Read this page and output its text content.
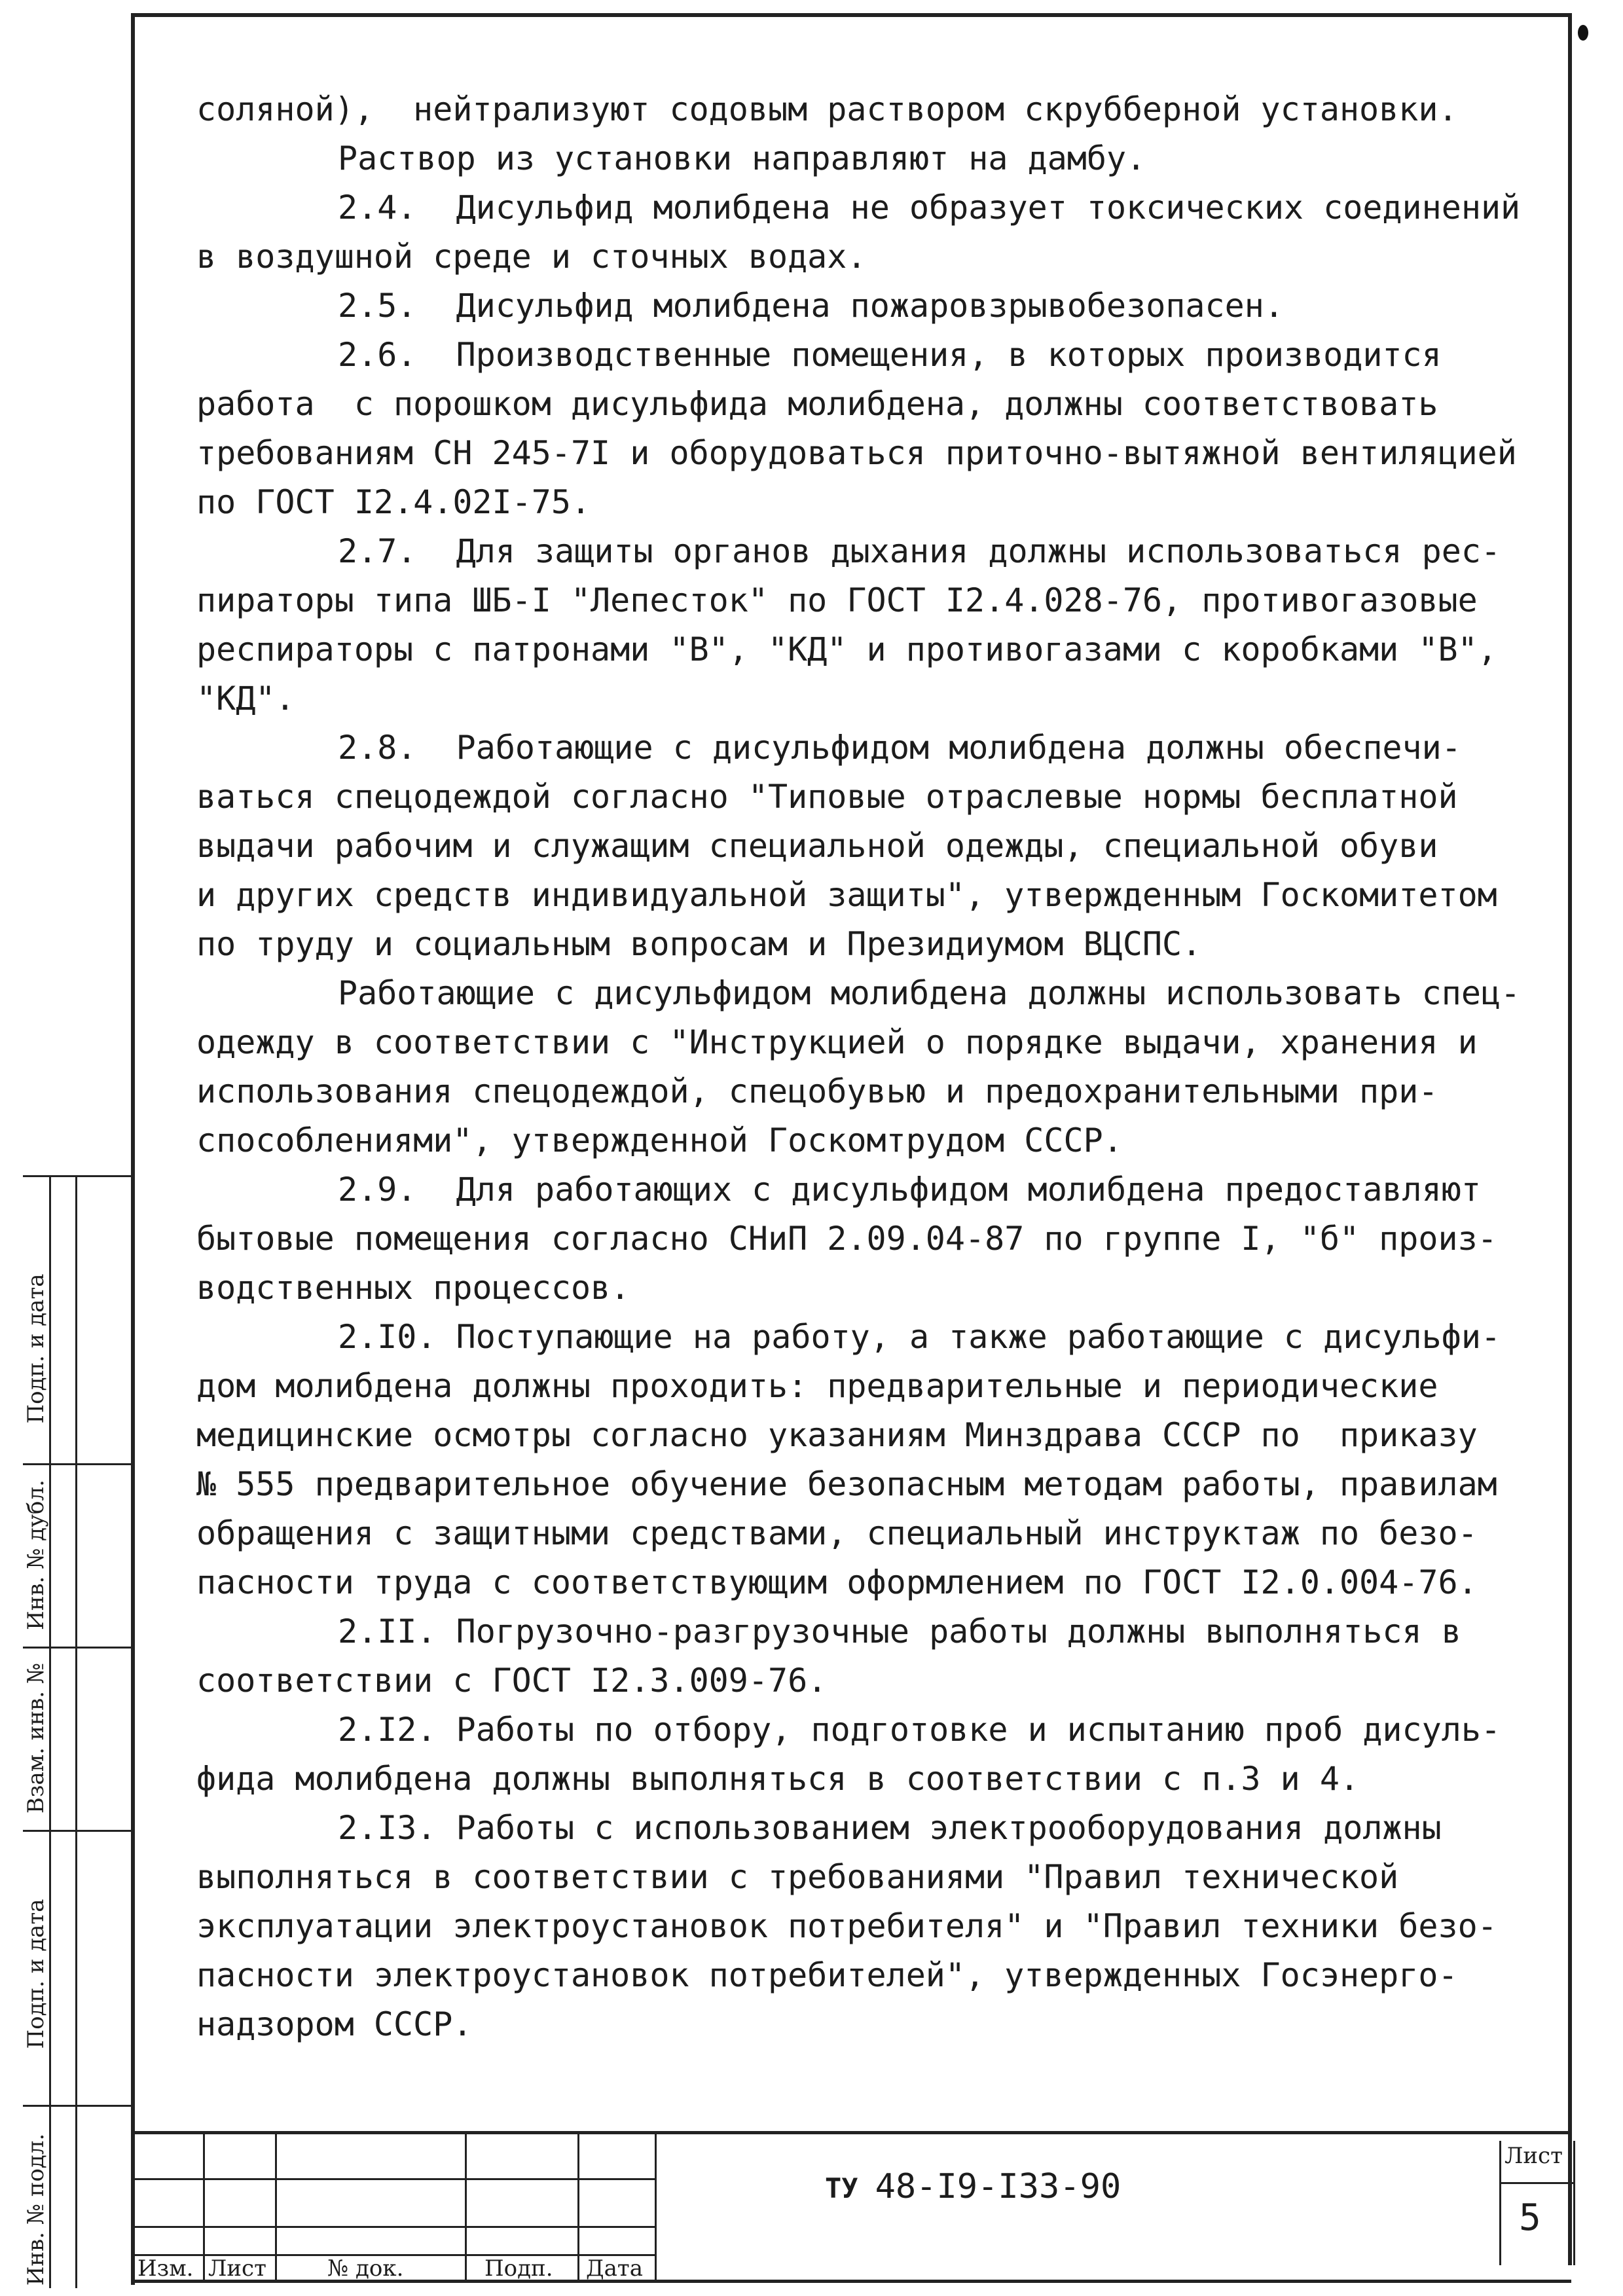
соляной),  нейтрализуют содовым раствором скрубберной установки.

Раствор из установки направляют на дамбу.

2.4.  Дисульфид молибдена не образует токсических соединений

в воздушной среде и сточных водах.

2.5.  Дисульфид молибдена пожаровзрывобезопасен.

2.6.  Производственные помещения, в которых производится

работа  с порошком дисульфида молибдена, должны соответствовать

требованиям СН 245-7I и оборудоваться приточно-вытяжной вентиляцией

по ГОСТ I2.4.02I-75.

2.7.  Для защиты органов дыхания должны использоваться рес-

пираторы типа ШБ-I "Лепесток" по ГОСТ I2.4.028-76, противогазовые

респираторы с патронами "В", "КД" и противогазами с коробками "В",

"КД".

2.8.  Работающие с дисульфидом молибдена должны обеспечи-

ваться спецодеждой согласно "Типовые отраслевые нормы бесплатной

выдачи рабочим и служащим специальной одежды, специальной обуви

и других средств индивидуальной защиты", утвержденным Госкомитетом

по труду и социальным вопросам и Президиумом ВЦСПС.

Работающие с дисульфидом молибдена должны использовать спец-

одежду в соответствии с "Инструкцией о порядке выдачи, хранения и

использования спецодеждой, спецобувью и предохранительными при-

способлениями", утвержденной Госкомтрудом СССР.

2.9.  Для работающих с дисульфидом молибдена предоставляют

бытовые помещения согласно СНиП 2.09.04-87 по группе I, "б" произ-

водственных процессов.

2.I0. Поступающие на работу, а также работающие с дисульфи-

дом молибдена должны проходить: предварительные и периодические

медицинские осмотры согласно указаниям Минздрава СССР по  приказу

№ 555 предварительное обучение безопасным методам работы, правилам

обращения с защитными средствами, специальный инструктаж по безо-

пасности труда с соответствующим оформлением по ГОСТ I2.0.004-76.

2.II. Погрузочно-разгрузочные работы должны выполняться в

соответствии с ГОСТ I2.3.009-76.

2.I2. Работы по отбору, подготовке и испытанию проб дисуль-

фида молибдена должны выполняться в соответствии с п.3 и 4.

2.I3. Работы с использованием электрооборудования должны

выполняться в соответствии с требованиями "Правил технической

эксплуатации электроустановок потребителя" и "Правил техники безо-

пасности электроустановок потребителей", утвержденных Госэнерго-

надзором СССР.

Подп. и дата
Инв. № дубл.
Взам. инв. №
Подп. и дата
Инв. № подл.	Изм. Лист	№ док.	Подп. Дата
ТУ 48-I9-I33-90
Лист
5
